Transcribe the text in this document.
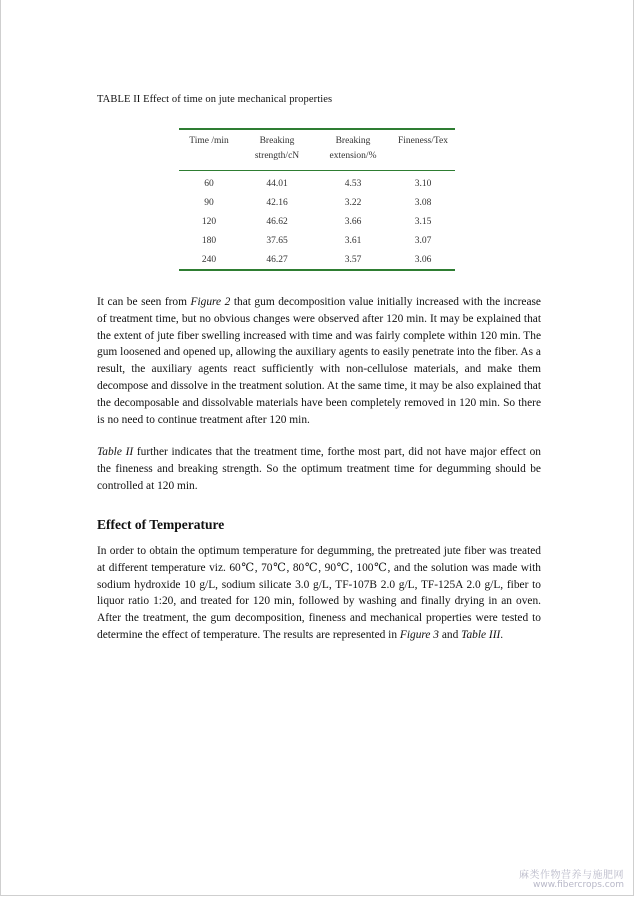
TABLE II Effect of time on jute mechanical properties
Time /min	Breaking	Breaking	Fineness/Tex
	strength/cN	extension/%	
60	44.01	4.53	3.10
90	42.16	3.22	3.08
120	46.62	3.66	3.15
180	37.65	3.61	3.07
240	46.27	3.57	3.06
It can be seen from Figure 2 that gum decomposition value initially increased with the increase of treatment time, but no obvious changes were observed after 120 min. It may be explained that the extent of jute fiber swelling increased with time and was fairly complete within 120 min. The gum loosened and opened up, allowing the auxiliary agents to easily penetrate into the fiber. As a result, the auxiliary agents react sufficiently with non-cellulose materials, and make them decompose and dissolve in the treatment solution. At the same time, it may be also explained that the decomposable and dissolvable materials have been completely removed in 120 min. So there is no need to continue treatment after 120 min.
Table II further indicates that the treatment time, forthe most part, did not have major effect on the fineness and breaking strength. So the optimum treatment time for degumming should be controlled at 120 min.
Effect of Temperature
In order to obtain the optimum temperature for degumming, the pretreated jute fiber was treated at different temperature viz. 60℃, 70℃, 80℃, 90℃, 100℃, and the solution was made with sodium hydroxide 10 g/L, sodium silicate 3.0 g/L, TF-107B 2.0 g/L, TF-125A 2.0 g/L, fiber to liquor ratio 1:20, and treated for 120 min, followed by washing and finally drying in an oven. After the treatment, the gum decomposition, fineness and mechanical properties were tested to determine the effect of temperature. The results are represented in Figure 3 and Table III.
麻类作物营养与施肥网
www.fibercrops.com
